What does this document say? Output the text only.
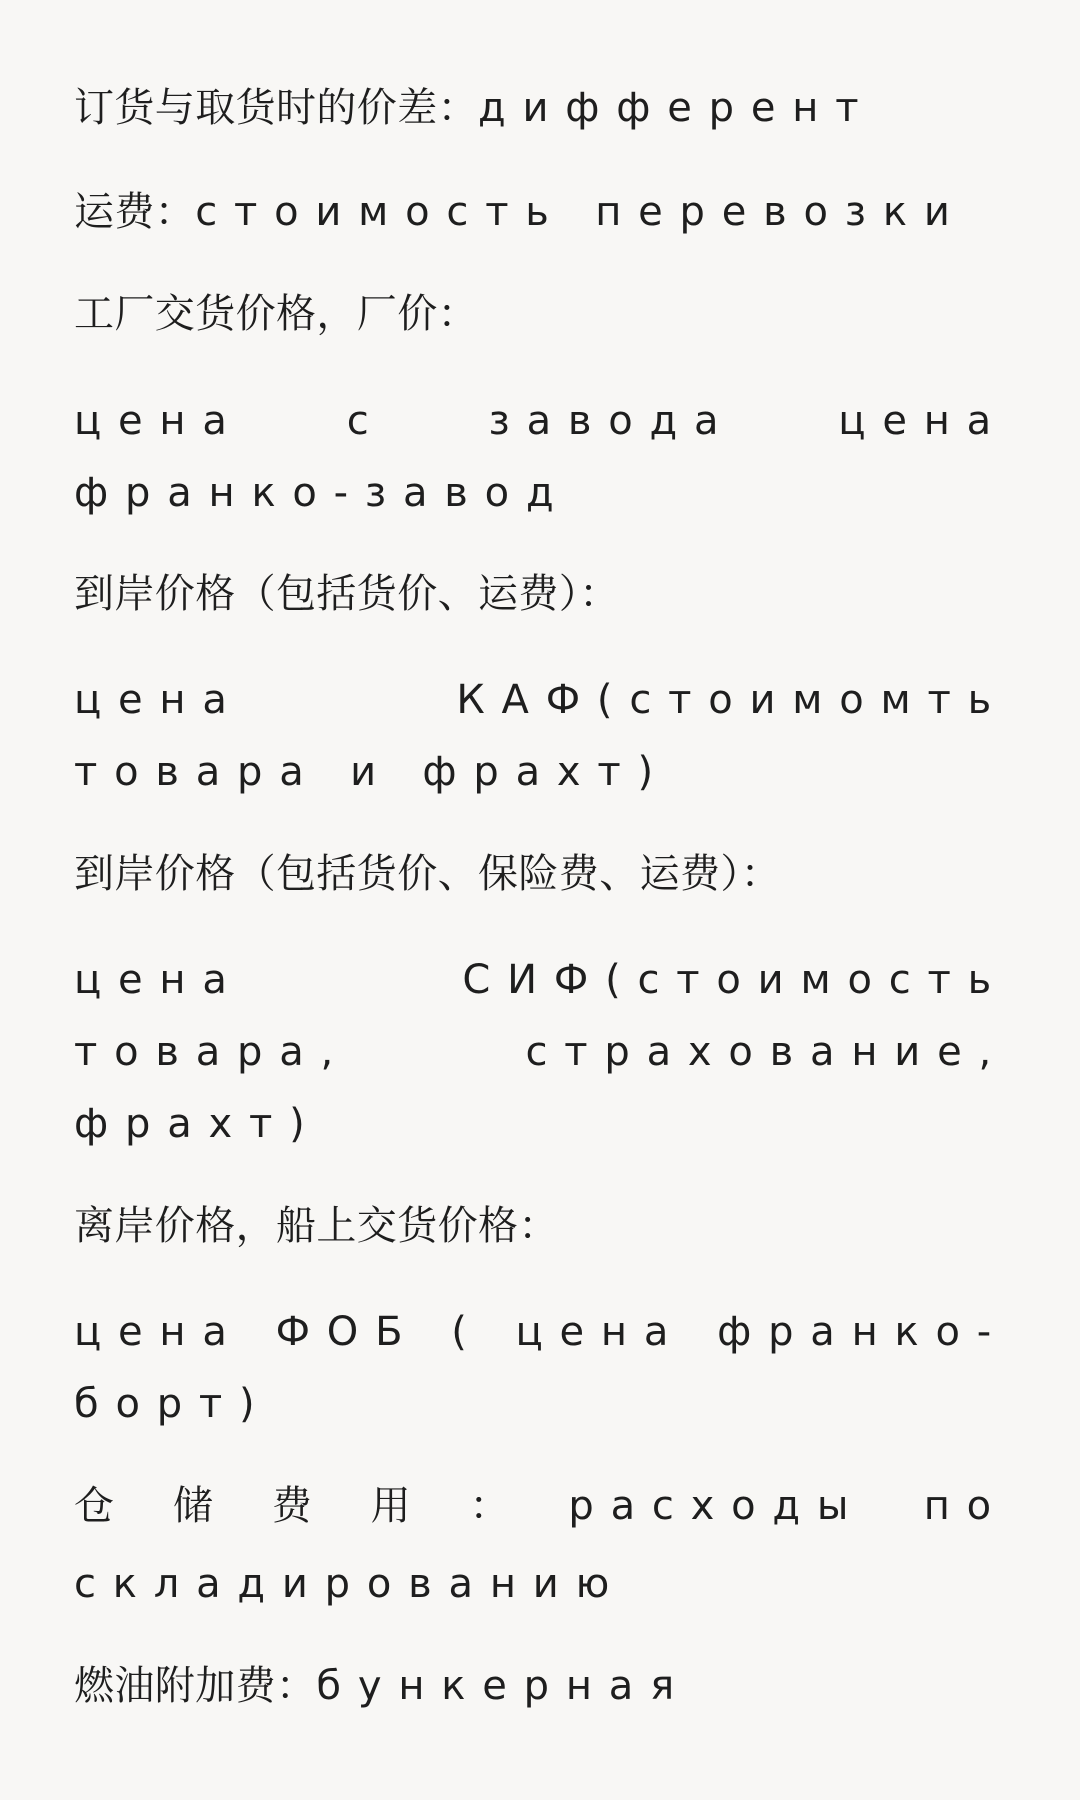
订货与取货时的价差：дифферент
运费：стоимость перевозки
工厂交货价格，厂价：
цена	с	завода	цена
франко-завод
到岸价格（包括货价、运费）：
цена	КАФ(стоимомть
товара и фрахт)
到岸价格（包括货价、保险费、运费）：
цена	СИФ(стоимость
товара,	страхование,
фрахт)
离岸价格，船上交货价格：
цена ФОБ ( цена франко-
борт)
仓 储 费 用 ： расходы по
складированию
燃油附加费：бункерная
